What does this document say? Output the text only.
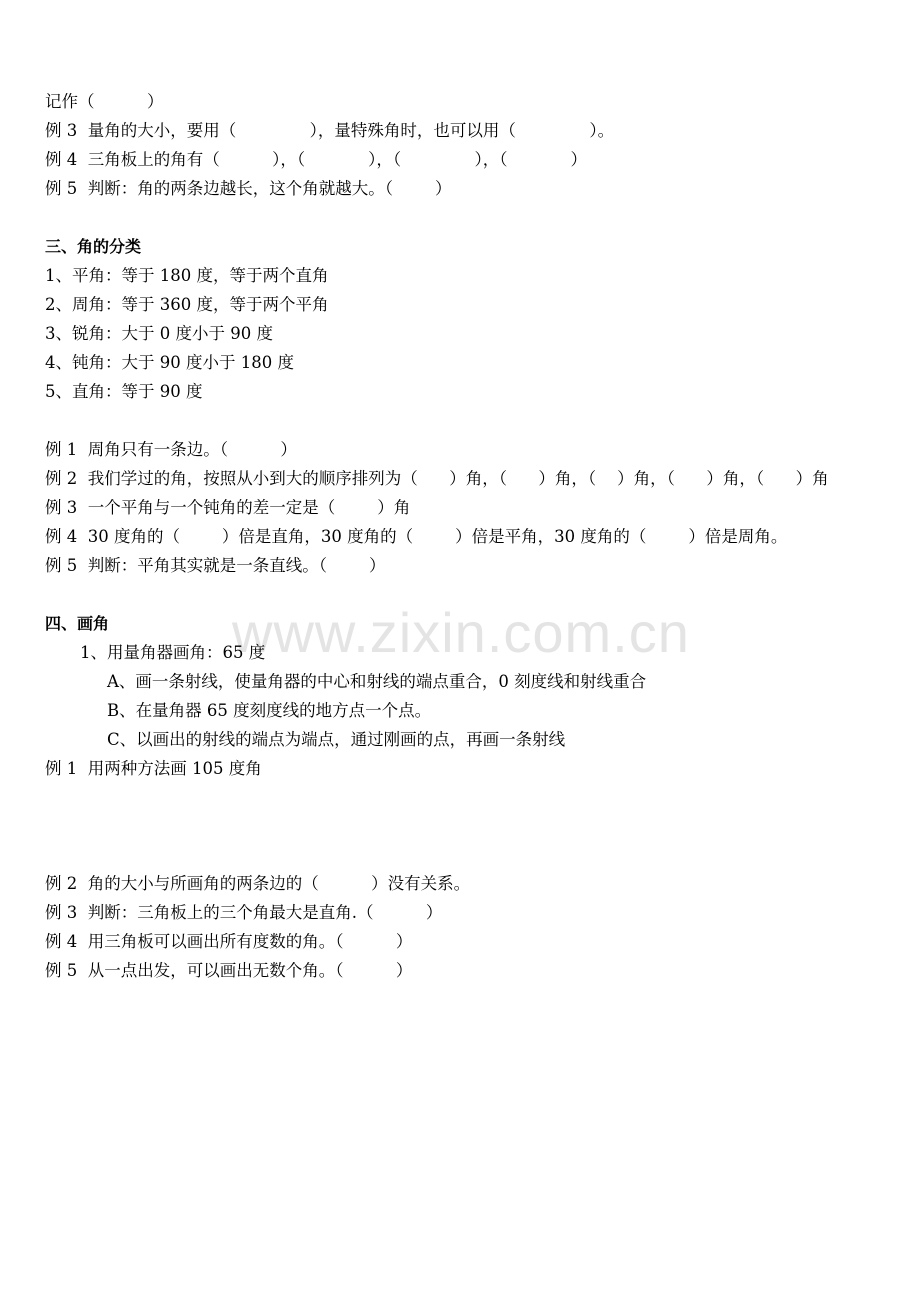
www.zixin.com.cn
记作（          ）
例 3  量角的大小，要用（              ），量特殊角时，也可以用（              ）。
例 4  三角板上的角有（          ），（            ），（              ），（            ）
例 5  判断：角的两条边越长，这个角就越大。（        ）
三、角的分类
1、平角：等于 180 度，等于两个直角
2、周角：等于 360 度，等于两个平角
3、锐角：大于 0 度小于 90 度
4、钝角：大于 90 度小于 180 度
5、直角：等于 90 度
例 1  周角只有一条边。（          ）
例 2  我们学过的角，按照从小到大的顺序排列为（      ）角，（      ）角，（    ）角，（      ）角，（      ）角
例 3  一个平角与一个钝角的差一定是（        ）角
例 4  30 度角的（        ）倍是直角，30 度角的（        ）倍是平角，30 度角的（        ）倍是周角。
例 5  判断：平角其实就是一条直线。（        ）
四、画角
1、用量角器画角：65 度
A、画一条射线，使量角器的中心和射线的端点重合，0 刻度线和射线重合
B、在量角器 65 度刻度线的地方点一个点。
C、以画出的射线的端点为端点，通过刚画的点，再画一条射线
例 1  用两种方法画 105 度角
例 2  角的大小与所画角的两条边的（          ）没有关系。
例 3  判断：三角板上的三个角最大是直角.（          ）
例 4  用三角板可以画出所有度数的角。（          ）
例 5  从一点出发，可以画出无数个角。（          ）
